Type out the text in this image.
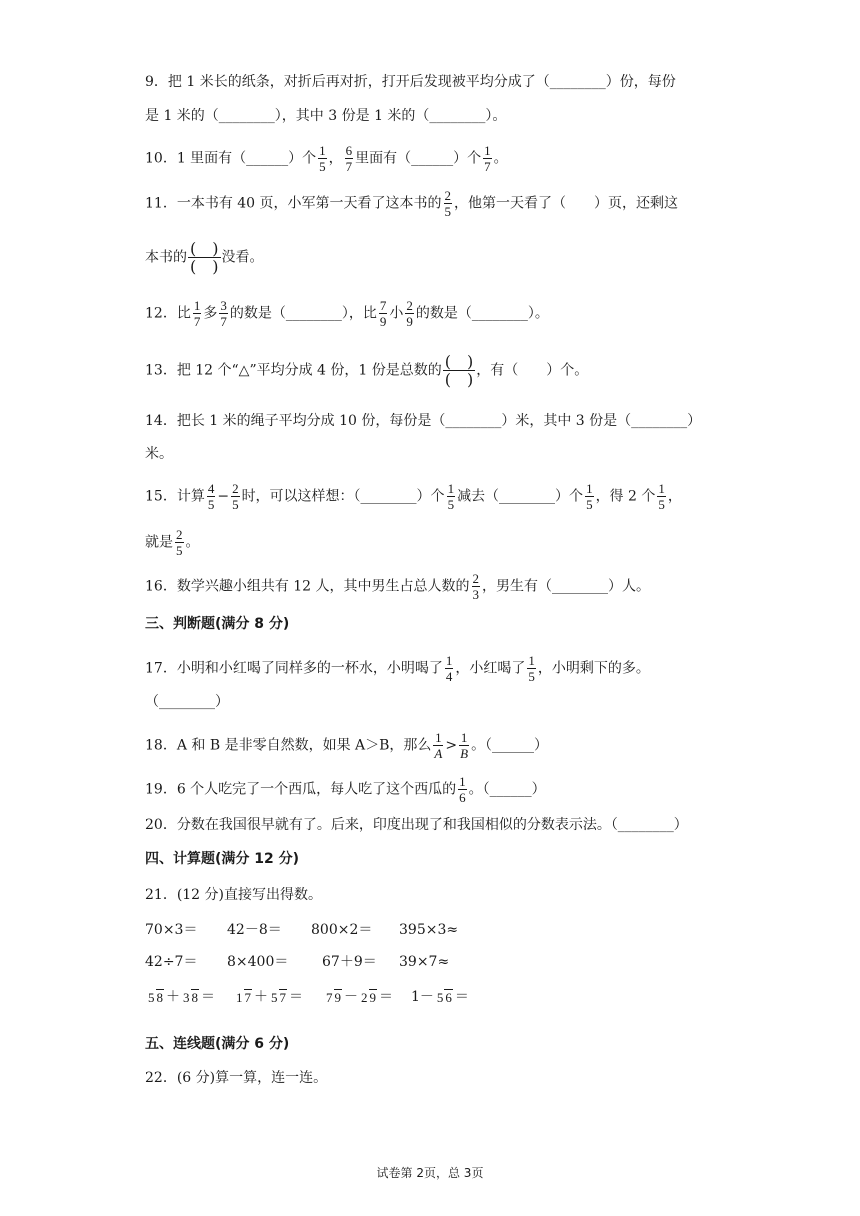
9．把 1 米长的纸条，对折后再对折，打开后发现被平均分成了（________）份，每份
是 1 米的（________），其中 3 份是 1 米的（________）。
10．1 里面有（______）个 $\frac{1}{5}$ ， $\frac{6}{7}$ 里面有（______）个 $\frac{1}{7}$ 。
11．一本书有 40 页，小军第一天看了这本书的 $\frac{2}{5}$ ，他第一天看了（　　）页，还剩这
本书的 (　)
(　) 没看。
12．比 $\frac{1}{7}$ 多 $\frac{3}{7}$ 的数是（________），比 $\frac{7}{9}$ 小 $\frac{2}{9}$ 的数是（________）。
13．把 12 个“△”平均分成 4 份，1 份是总数的 (　)
(　) ，有（　　）个。
14．把长 1 米的绳子平均分成 10 份，每份是（________）米，其中 3 份是（________）
米。
15．计算 $\frac{4}{5} - \frac{2}{5}$ 时，可以这样想：（________）个 $\frac{1}{5}$ 减去（________）个 $\frac{1}{5}$ ，得 2 个 $\frac{1}{5}$ ，
就是 $\frac{2}{5}$ 。
16．数学兴趣小组共有 12 人，其中男生占总人数的 $\frac{2}{3}$ ，男生有（________）人。
三、判断题(满分 8 分)
17．小明和小红喝了同样多的一杯水，小明喝了 $\frac{1}{4}$ ，小红喝了 $\frac{1}{5}$ ，小明剩下的多。
（________）
18．A 和 B 是非零自然数，如果 A＞B，那么 $\frac{1}{A} > \frac{1}{B}$ 。（______）
19．6 个人吃完了一个西瓜，每人吃了这个西瓜的 $\frac{1}{6}$ 。（______）
20．分数在我国很早就有了。后来，印度出现了和我国相似的分数表示法。（________）
四、计算题(满分 12 分)
21．(12 分)直接写出得数。
70×3＝ 42－8＝ 800×2＝ 395×3≈
42÷7＝ 8×400＝ 67＋9＝ 39×7≈
5 8 ＋ 3 8 ＝ 1 7 ＋ 5 7 ＝ 7 9 － 2 9 ＝ 1－ 5 6 ＝
五、连线题(满分 6 分)
22．(6 分)算一算，连一连。
试卷第 2页，总 3页
